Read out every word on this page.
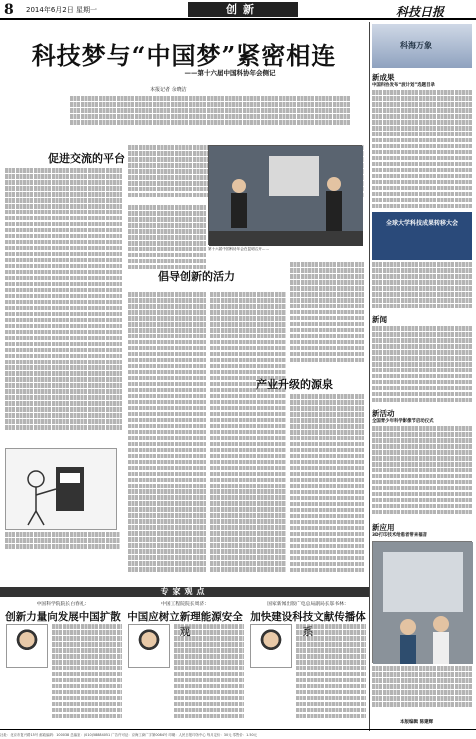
8 2014年6月2日 星期一	创新	科技日报
科技梦与“中国梦”紧密相连
——第十六届中国科协年会侧记
本报记者 余晓洁
促进交流的平台
第十六届中国科协年会在昆明召开……
倡导创新的活力
产业升级的源泉
专家观点
中国科学院院长白春礼：
创新力量向发展中国扩散
中国工程院院长周济：
中国应树立新理能源安全
国家新闻出版广电总局副局长邬书林：
加快建设科技文献传播体
科海万象
新成果
中国科协发布“波计划”选题目录
全球大学科技成果转移大会
新闻
新活动
全国青少年科学影像节启动仪式
新应用
3D打印技术给患者带来福音
本版编辑 陈建辉
社址：北京市复兴路15号 邮政编码：100038 总编室：(010)58884051 广告许可证：京海工商广字第0084号 印刷：人民日报印务中心 每月定价：30元 零售价：1.50元
